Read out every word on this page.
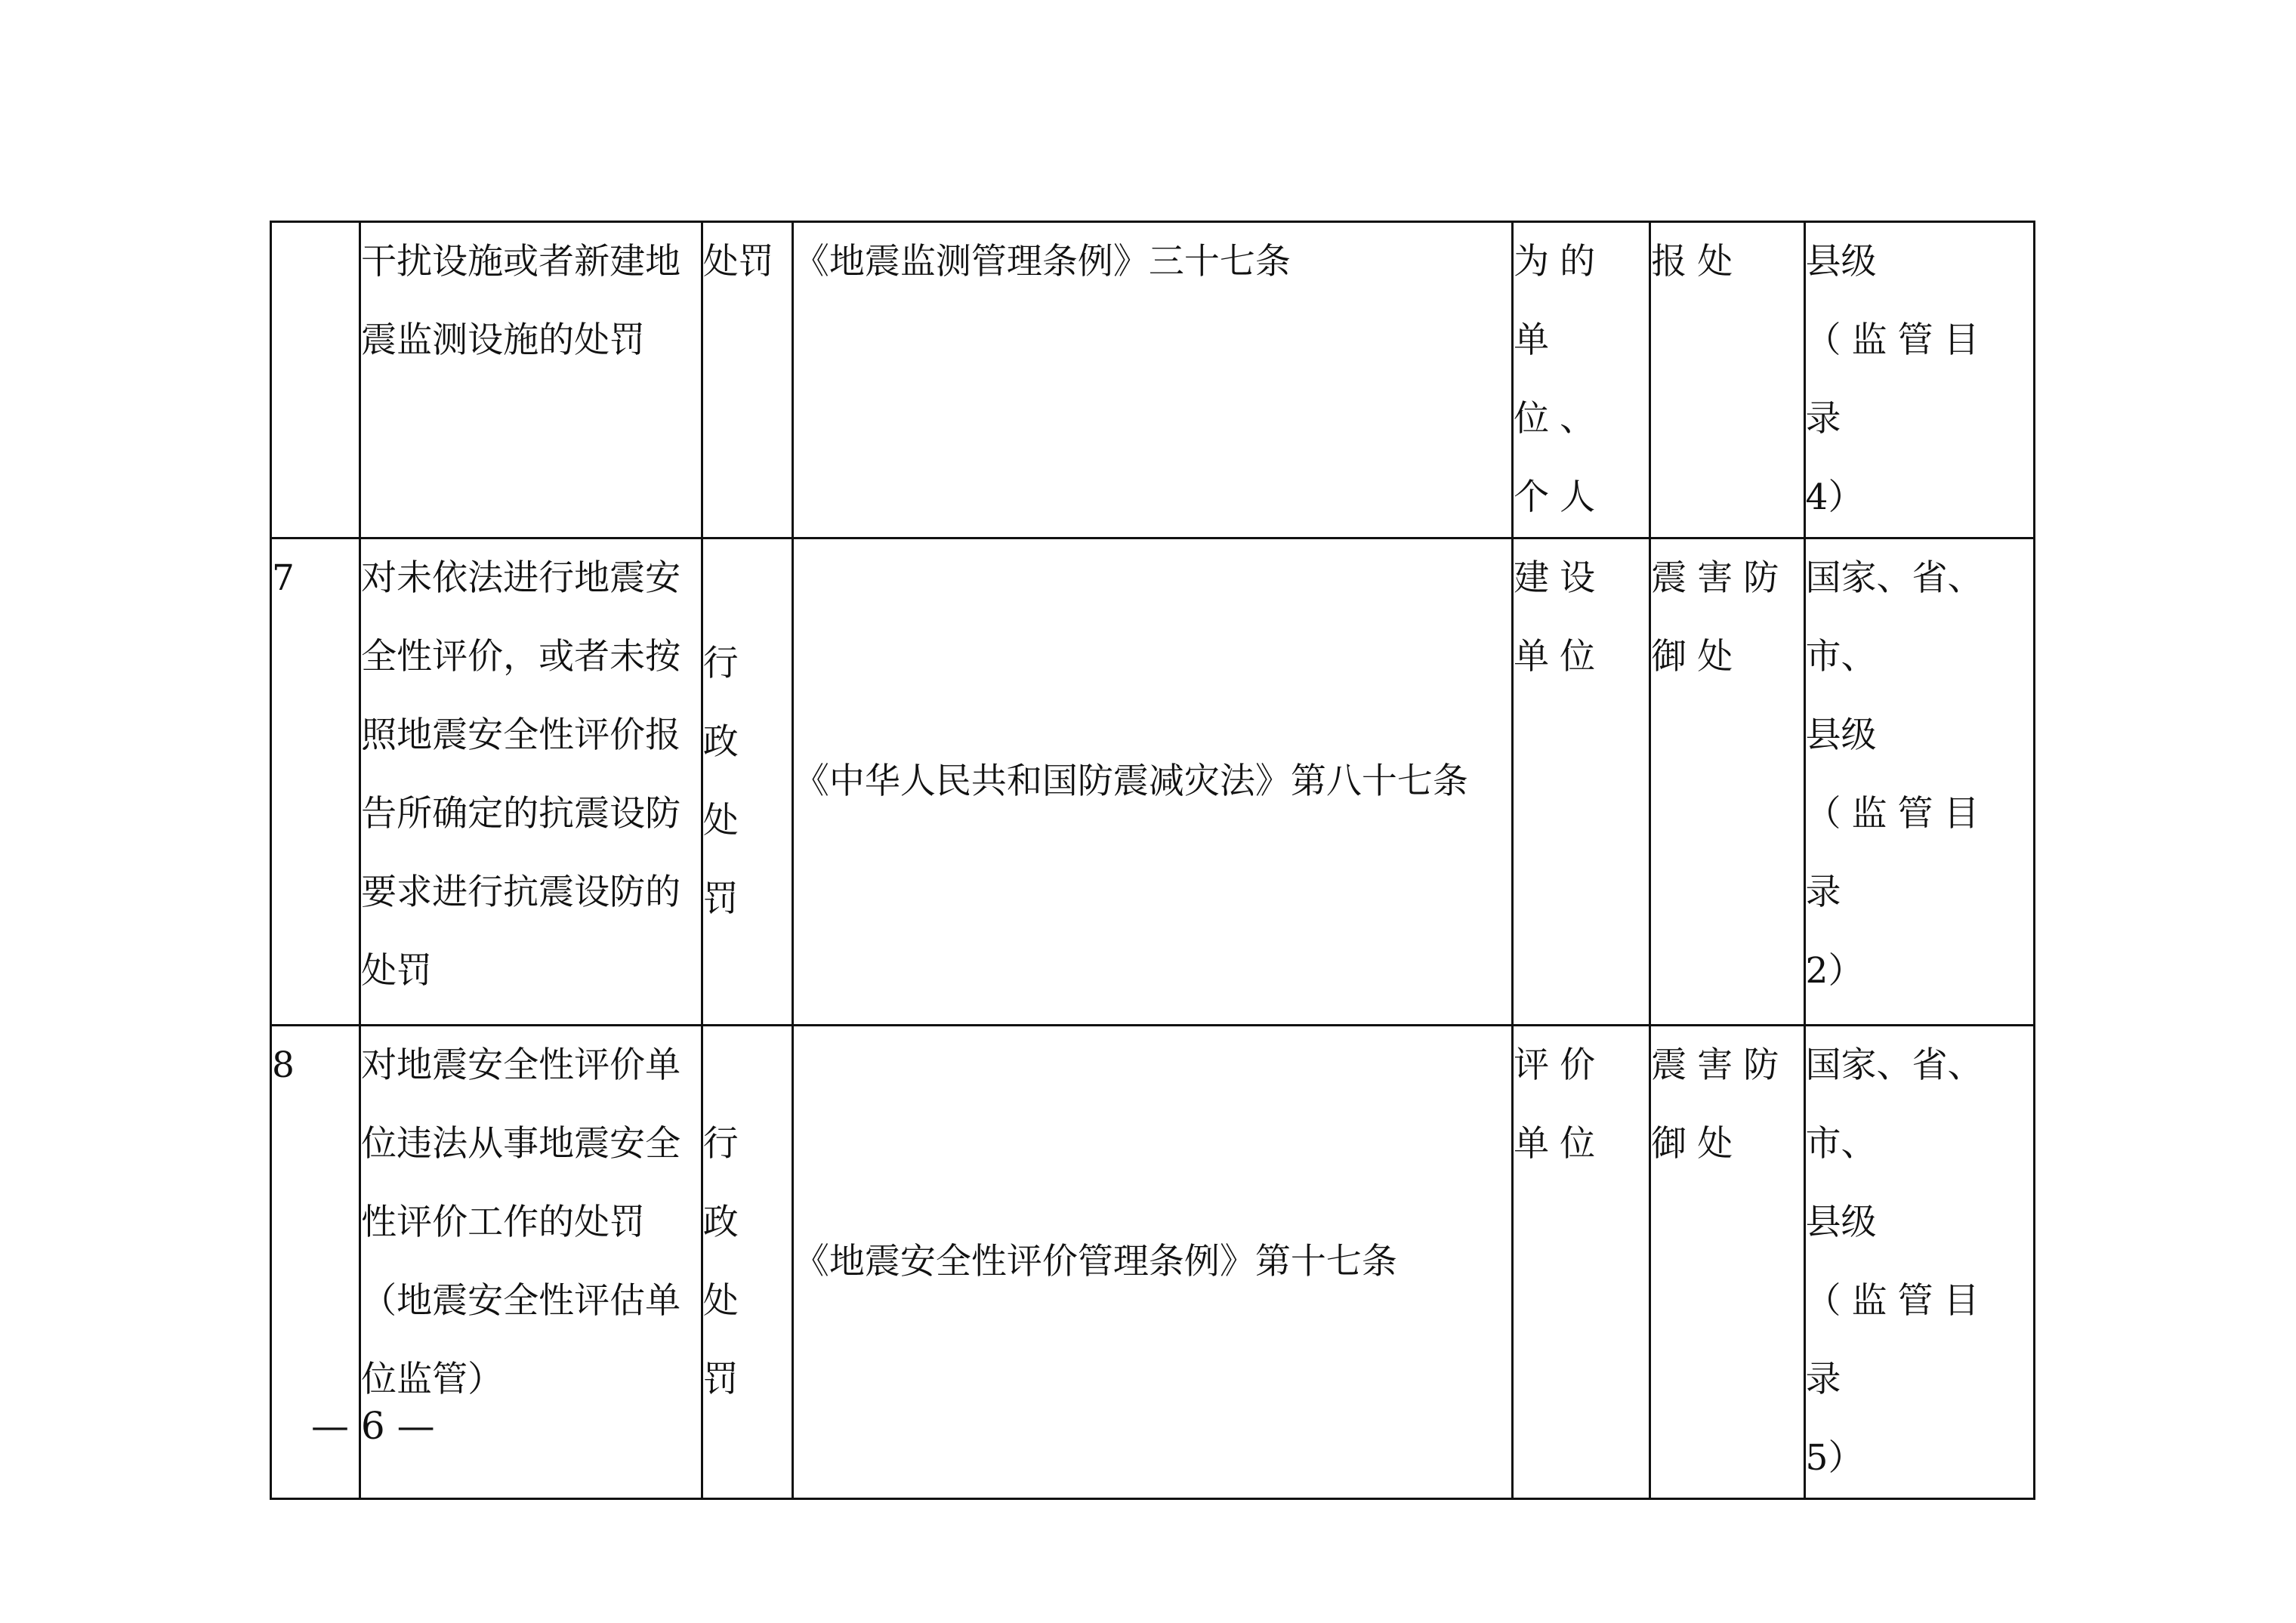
	干扰设施或者新建地震监测设施的处罚	处罚	《地震监测管理条例》三十七条	为的单位、个人	报处	县级
（监管目录
4）

7	对未依法进行地震安全性评价，或者未按照地震安全性评价报告所确定的抗震设防要求进行抗震设防的处罚	行政处罚	《中华人民共和国防震减灾法》第八十七条	建设单位	震害防御处	国家、省、市、
县级
（监管目录
2）

8	对地震安全性评价单位违法从事地震安全性评价工作的处罚（地震安全性评估单位监管）	行政处罚	《地震安全性评价管理条例》第十七条	评价单位	震害防御处	国家、省、市、
县级
（监管目录
5）
— 6 —
